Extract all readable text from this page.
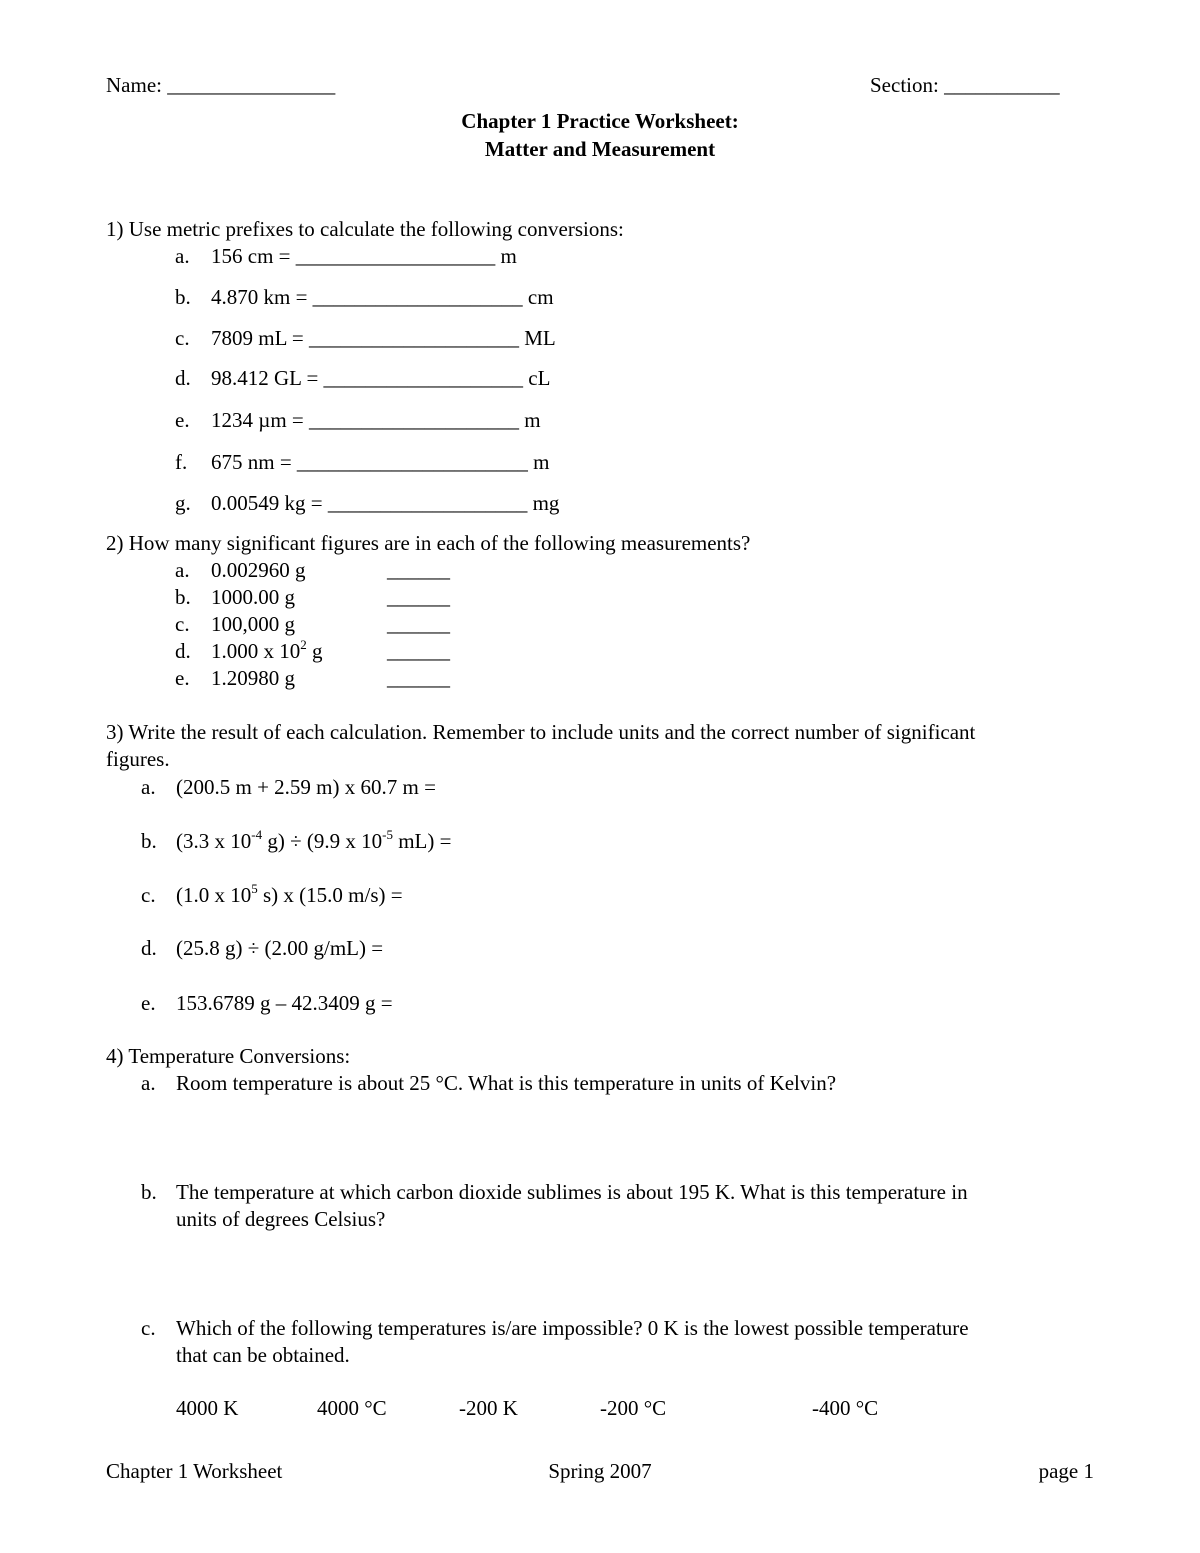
Name: ________________	Section: ___________
Chapter 1 Practice Worksheet:
Matter and Measurement
1) Use metric prefixes to calculate the following conversions:
a. 156 cm = ___________________ m
b. 4.870 km = ____________________ cm
c. 7809 mL = ____________________ ML
d. 98.412 GL = ___________________ cL
e. 1234 µm = ____________________ m
f. 675 nm = ______________________ m
g. 0.00549 kg = ___________________ mg
2) How many significant figures are in each of the following measurements?
a. 0.002960 g	______
b. 1000.00 g	______
c. 100,000 g	______
d. 1.000 x $10^2$ g	______
e. 1.20980 g	______
3) Write the result of each calculation. Remember to include units and the correct number of significant
figures.
a. (200.5 m + 2.59 m) x 60.7 m =
b. (3.3 x $10^{-4}$ g) ÷ (9.9 x $10^{-5}$ mL) =
c. (1.0 x $10^5$ s) x (15.0 m/s) =
d. (25.8 g) ÷ (2.00 g/mL) =
e. 153.6789 g – 42.3409 g =
4) Temperature Conversions:
a. Room temperature is about 25 °C. What is this temperature in units of Kelvin?
b. The temperature at which carbon dioxide sublimes is about 195 K. What is this temperature in
units of degrees Celsius?
c. Which of the following temperatures is/are impossible? 0 K is the lowest possible temperature
that can be obtained.
4000 K	4000 °C	-200 K	-200 °C	-400 °C
Chapter 1 Worksheet	Spring 2007	page 1
